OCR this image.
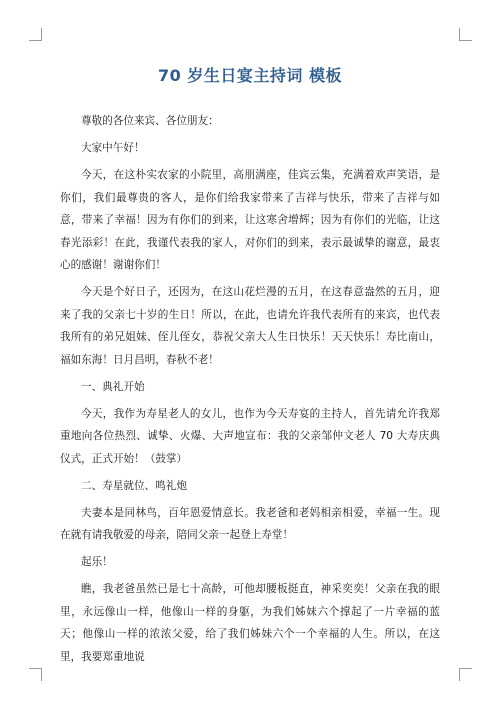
70 岁生日宴主持词 模板

尊敬的各位来宾、各位朋友：

大家中午好！

今天，在这朴实农家的小院里，高朋满座，佳宾云集，充满着欢声笑语，是你们，我们最尊贵的客人，是你们给我家带来了吉祥与快乐，带来了吉祥与如意，带来了幸福！因为有你们的到来，让这寒舍增辉；因为有你们的光临，让这春光添彩！在此，我谨代表我的家人，对你们的到来，表示最诚挚的谢意，最衷心的感谢！谢谢你们！

今天是个好日子，还因为，在这山花烂漫的五月，在这春意盎然的五月，迎来了我的父亲七十岁的生日！所以，在此，也请允许我代表所有的来宾，也代表我所有的弟兄姐妹、侄儿侄女，恭祝父亲大人生日快乐！天天快乐！寿比南山，福如东海！日月昌明，春秋不老！

一、典礼开始

今天，我作为寿星老人的女儿，也作为今天寿宴的主持人，首先请允许我郑重地向各位热烈、诚挚、火爆、大声地宣布：我的父亲邹仲文老人 70 大寿庆典仪式，正式开始！（鼓掌）

二、寿星就位、鸣礼炮

夫妻本是同林鸟，百年恩爱情意长。我老爸和老妈相亲相爱，幸福一生。现在就有请我敬爱的母亲，陪同父亲一起登上寿堂！

起乐！

瞧，我老爸虽然已是七十高龄，可他却腰板挺直，神采奕奕！父亲在我的眼里，永远像山一样，他像山一样的身躯，为我们姊妹六个撑起了一片幸福的蓝天；他像山一样的浓浓父爱，给了我们姊妹六个一个幸福的人生。所以，在这里，我要郑重地说
